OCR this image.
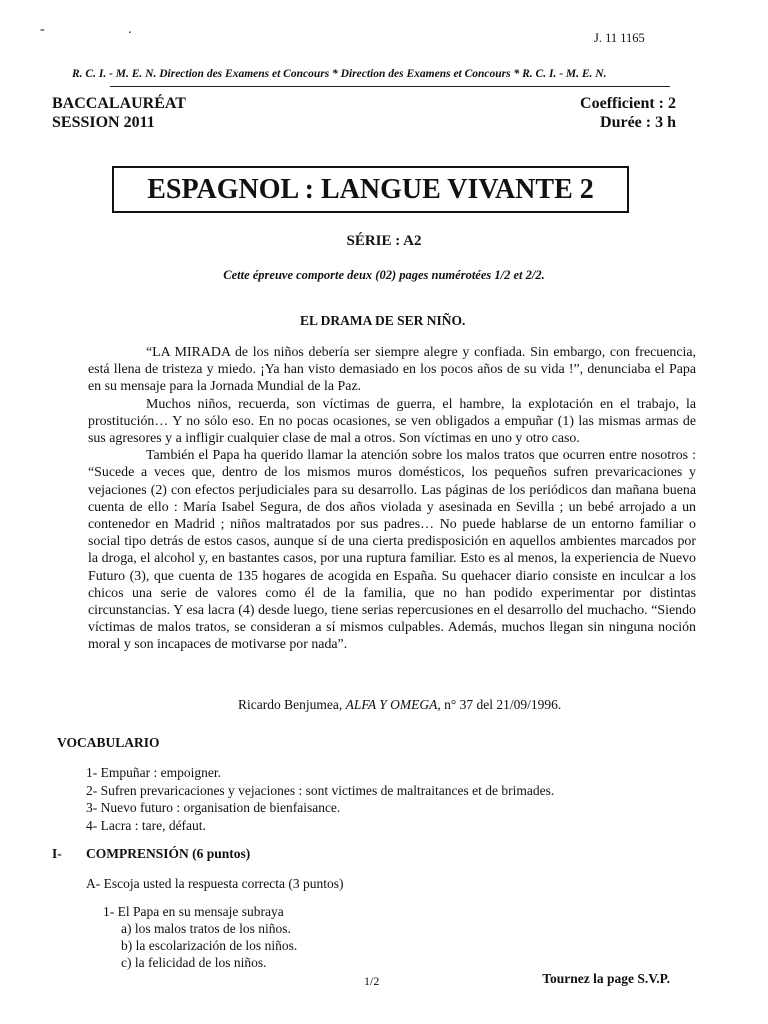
- .
J. 11 1165
R. C. I. - M. E. N. Direction des Examens et Concours * Direction des Examens et Concours * R. C. I. - M. E. N.
BACCALAURÉAT
SESSION 2011
Coefficient : 2
Durée : 3 h
ESPAGNOL : LANGUE VIVANTE 2
SÉRIE : A2
Cette épreuve comporte deux (02) pages numérotées 1/2 et 2/2.
EL DRAMA DE SER NIÑO.

“LA MIRADA de los niños debería ser siempre alegre y confiada. Sin embargo, con frecuencia, está llena de tristeza y miedo. ¡Ya han visto demasiado en los pocos años de su vida !”, denunciaba el Papa en su mensaje para la Jornada Mundial de la Paz.

Muchos niños, recuerda, son víctimas de guerra, el hambre, la explotación en el trabajo, la prostitución… Y no sólo eso. En no pocas ocasiones, se ven obligados a empuñar (1) las mismas armas de sus agresores y a infligir cualquier clase de mal a otros. Son víctimas en uno y otro caso.

También el Papa ha querido llamar la atención sobre los malos tratos que ocurren entre nosotros : “Sucede a veces que, dentro de los mismos muros domésticos, los pequeños sufren prevaricaciones y vejaciones (2) con efectos perjudiciales para su desarrollo. Las páginas de los periódicos dan mañana buena cuenta de ello : María Isabel Segura, de dos años violada y asesinada en Sevilla ; un bebé arrojado a un contenedor en Madrid ; niños maltratados por sus padres… No puede hablarse de un entorno familiar o social tipo detrás de estos casos, aunque sí de una cierta predisposición en aquellos ambientes marcados por la droga, el alcohol y, en bastantes casos, por una ruptura familiar. Esto es al menos, la experiencia de Nuevo Futuro (3), que cuenta de 135 hogares de acogida en España. Su quehacer diario consiste en inculcar a los chicos una serie de valores como él de la familia, que no han podido experimentar por distintas circunstancias. Y esa lacra (4) desde luego, tiene serias repercusiones en el desarrollo del muchacho. “Siendo víctimas de malos tratos, se consideran a sí mismos culpables. Además, muchos llegan sin ninguna noción moral y son incapaces de motivarse por nada”.

Ricardo Benjumea, ALFA Y OMEGA, n° 37 del 21/09/1996.
VOCABULARIO
1- Empuñar : empoigner.
2- Sufren prevaricaciones y vejaciones : sont victimes de maltraitances et de brimades.
3- Nuevo futuro : organisation de bienfaisance.
4- Lacra : tare, défaut.
I- COMPRENSIÓN (6 puntos)
A- Escoja usted la respuesta correcta (3 puntos)
1- El Papa en su mensaje subraya
a) los malos tratos de los niños.
b) la escolarización de los niños.
c) la felicidad de los niños.
1/2	Tournez la page S.V.P.
